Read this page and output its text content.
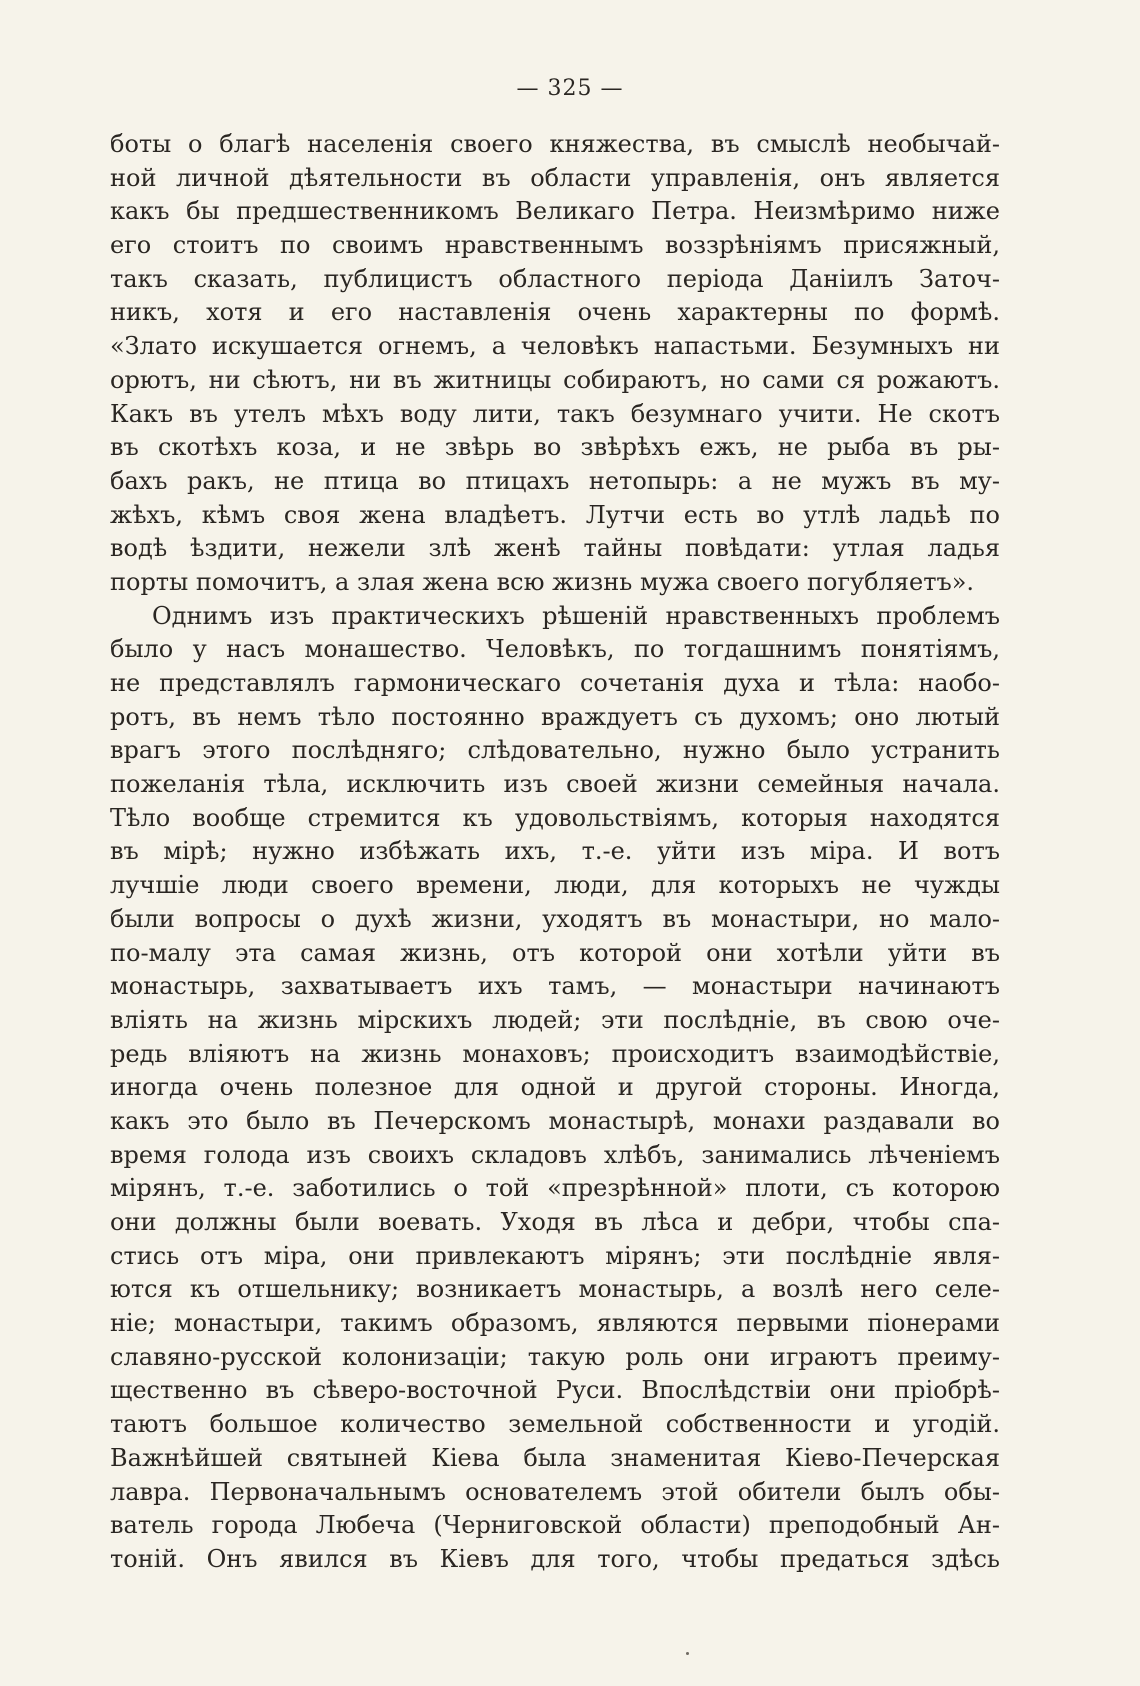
— 325 —
боты о благѣ населенія своего княжества, въ смыслѣ необычай-
ной личной дѣятельности въ области управленія, онъ является
какъ бы предшественникомъ Великаго Петра. Неизмѣримо ниже
его стоитъ по своимъ нравственнымъ воззрѣніямъ присяжный,
такъ сказать, публицистъ областного періода Даніилъ Заточ-
никъ, хотя и его наставленія очень характерны по формѣ.
«Злато искушается огнемъ, а человѣкъ напастьми. Безумныхъ ни
орютъ, ни сѣютъ, ни въ житницы собираютъ, но сами ся рожаютъ.
Какъ въ утелъ мѣхъ воду лити, такъ безумнаго учити. Не скотъ
въ скотѣхъ коза, и не звѣрь во звѣрѣхъ ежъ, не рыба въ ры-
бахъ ракъ, не птица во птицахъ нетопырь: а не мужъ въ му-
жѣхъ, кѣмъ своя жена владѣетъ. Лутчи есть во утлѣ ладьѣ по
водѣ ѣздити, нежели злѣ женѣ тайны повѣдати: утлая ладья
порты помочитъ, а злая жена всю жизнь мужа своего погубляетъ».
Однимъ изъ практическихъ рѣшеній нравственныхъ проблемъ
было у насъ монашество. Человѣкъ, по тогдашнимъ понятіямъ,
не представлялъ гармоническаго сочетанія духа и тѣла: наобо-
ротъ, въ немъ тѣло постоянно враждуетъ съ духомъ; оно лютый
врагъ этого послѣдняго; слѣдовательно, нужно было устранить
пожеланія тѣла, исключить изъ своей жизни семейныя начала.
Тѣло вообще стремится къ удовольствіямъ, которыя находятся
въ мірѣ; нужно избѣжать ихъ, т.-е. уйти изъ міра. И вотъ
лучшіе люди своего времени, люди, для которыхъ не чужды
были вопросы о духѣ жизни, уходятъ въ монастыри, но мало-
по-малу эта самая жизнь, отъ которой они хотѣли уйти въ
монастырь, захватываетъ ихъ тамъ, — монастыри начинаютъ
вліять на жизнь мірскихъ людей; эти послѣдніе, въ свою оче-
редь вліяютъ на жизнь монаховъ; происходитъ взаимодѣйствіе,
иногда очень полезное для одной и другой стороны. Иногда,
какъ это было въ Печерскомъ монастырѣ, монахи раздавали во
время голода изъ своихъ складовъ хлѣбъ, занимались лѣченіемъ
мірянъ, т.-е. заботились о той «презрѣнной» плоти, съ которою
они должны были воевать. Уходя въ лѣса и дебри, чтобы спа-
стись отъ міра, они привлекаютъ мірянъ; эти послѣдніе явля-
ются къ отшельнику; возникаетъ монастырь, а возлѣ него селе-
ніе; монастыри, такимъ образомъ, являются первыми піонерами
славяно-русской колонизаціи; такую роль они играютъ преиму-
щественно въ сѣверо-восточной Руси. Впослѣдствіи они пріобрѣ-
таютъ большое количество земельной собственности и угодій.
Важнѣйшей святыней Кіева была знаменитая Кіево-Печерская
лавра. Первоначальнымъ основателемъ этой обители былъ обы-
ватель города Любеча (Черниговской области) преподобный Ан-
тоній. Онъ явился въ Кіевъ для того, чтобы предаться здѣсь
